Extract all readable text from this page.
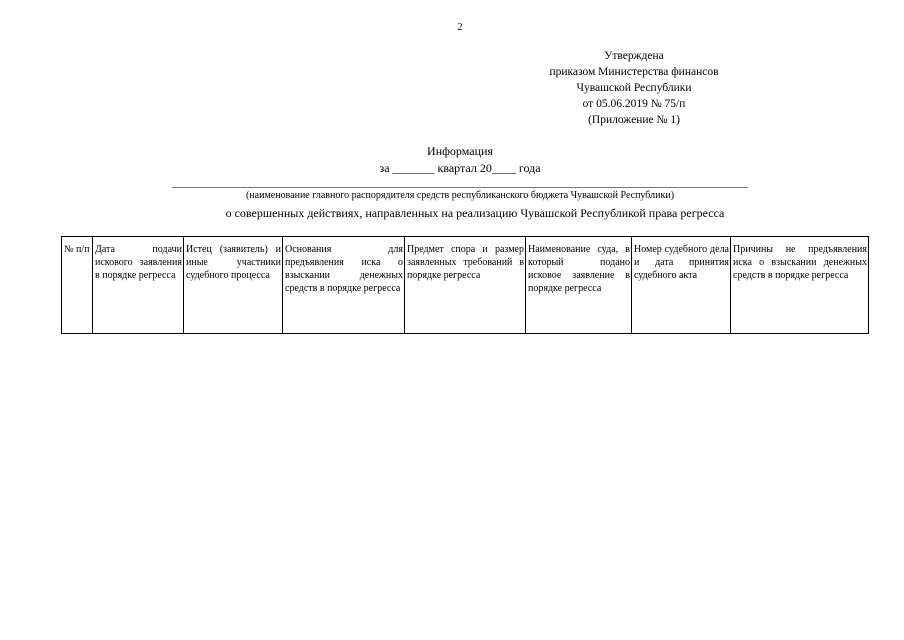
2
Утверждена
приказом Министерства финансов
Чувашской Республики
от 05.06.2019 № 75/п
(Приложение № 1)
Информация
за _______ квартал 20____ года
(наименование главного распорядителя средств республиканского бюджета Чувашской Республики)
о совершенных действиях, направленных на реализацию Чувашской Республикой права регресса
№ п/п	Дата подачи искового заявления в порядке регресса	Истец (заявитель) и иные участники судебного процесса	Основания для предъявления иска о взыскании денежных средств в порядке регресса	Предмет спора и размер заявленных требований в порядке регресса	Наименование суда, в который подано исковое заявление в порядке регресса	Номер судебного дела и дата принятия судебного акта	Причины не предъявления иска о взыскании денежных средств в порядке регресса
